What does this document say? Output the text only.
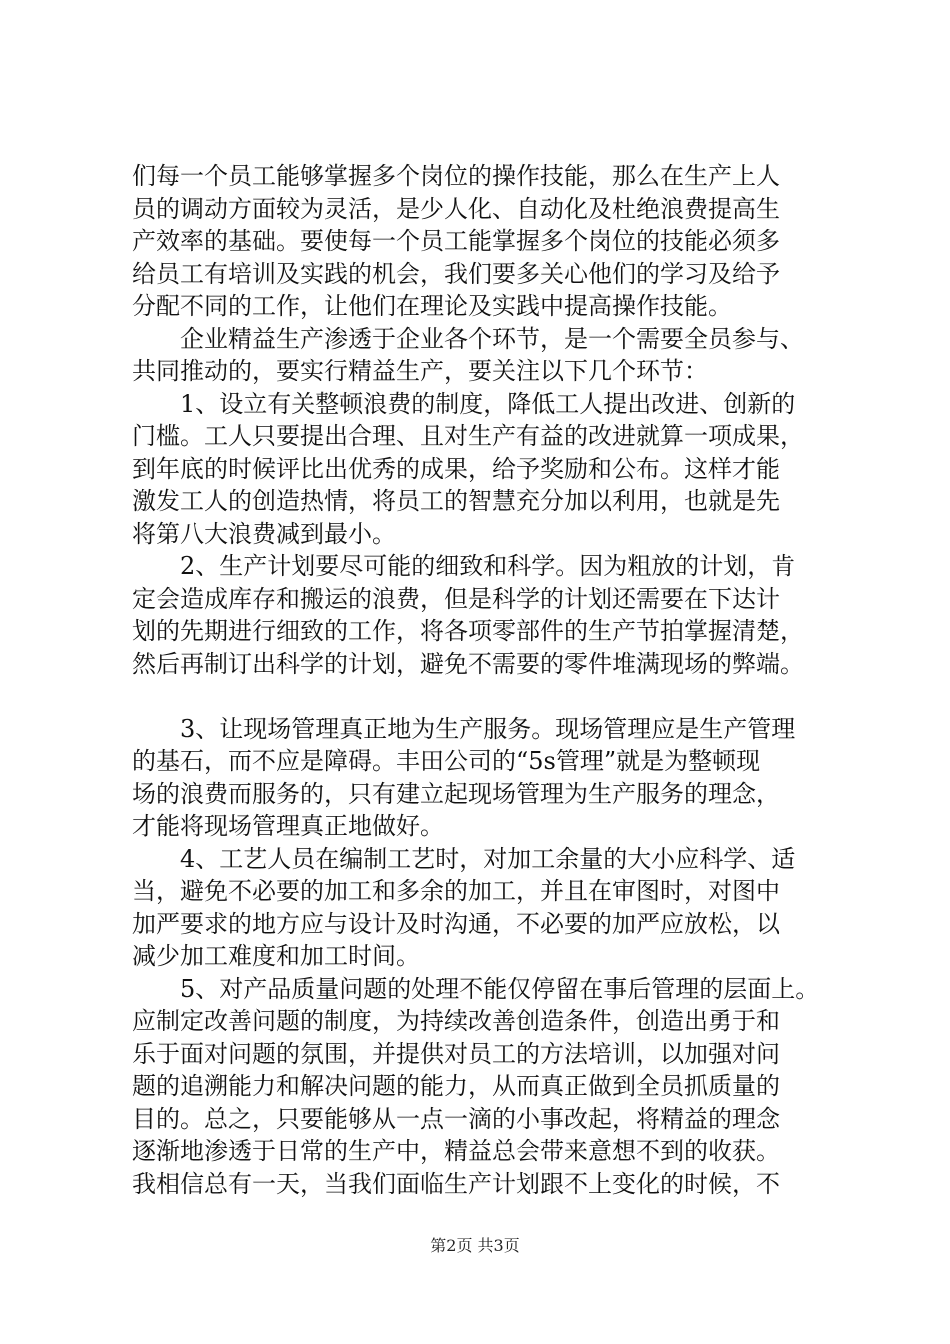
们每一个员工能够掌握多个岗位的操作技能，那么在生产上人
员的调动方面较为灵活，是少人化、自动化及杜绝浪费提高生
产效率的基础。要使每一个员工能掌握多个岗位的技能必须多
给员工有培训及实践的机会，我们要多关心他们的学习及给予
分配不同的工作，让他们在理论及实践中提高操作技能。
企业精益生产渗透于企业各个环节，是一个需要全员参与、
共同推动的，要实行精益生产，要关注以下几个环节：
1、设立有关整顿浪费的制度，降低工人提出改进、创新的
门槛。工人只要提出合理、且对生产有益的改进就算一项成果，
到年底的时候评比出优秀的成果，给予奖励和公布。这样才能
激发工人的创造热情，将员工的智慧充分加以利用，也就是先
将第八大浪费减到最小。
2、生产计划要尽可能的细致和科学。因为粗放的计划，肯
定会造成库存和搬运的浪费，但是科学的计划还需要在下达计
划的先期进行细致的工作，将各项零部件的生产节拍掌握清楚，
然后再制订出科学的计划，避免不需要的零件堆满现场的弊端。
3、让现场管理真正地为生产服务。现场管理应是生产管理
的基石，而不应是障碍。丰田公司的“5s管理”就是为整顿现
场的浪费而服务的，只有建立起现场管理为生产服务的理念，
才能将现场管理真正地做好。
4、工艺人员在编制工艺时，对加工余量的大小应科学、适
当，避免不必要的加工和多余的加工，并且在审图时，对图中
加严要求的地方应与设计及时沟通，不必要的加严应放松，以
减少加工难度和加工时间。
5、对产品质量问题的处理不能仅停留在事后管理的层面上。
应制定改善问题的制度，为持续改善创造条件，创造出勇于和
乐于面对问题的氛围，并提供对员工的方法培训，以加强对问
题的追溯能力和解决问题的能力，从而真正做到全员抓质量的
目的。总之，只要能够从一点一滴的小事改起，将精益的理念
逐渐地渗透于日常的生产中，精益总会带来意想不到的收获。
我相信总有一天，当我们面临生产计划跟不上变化的时候，不
第2页 共3页
